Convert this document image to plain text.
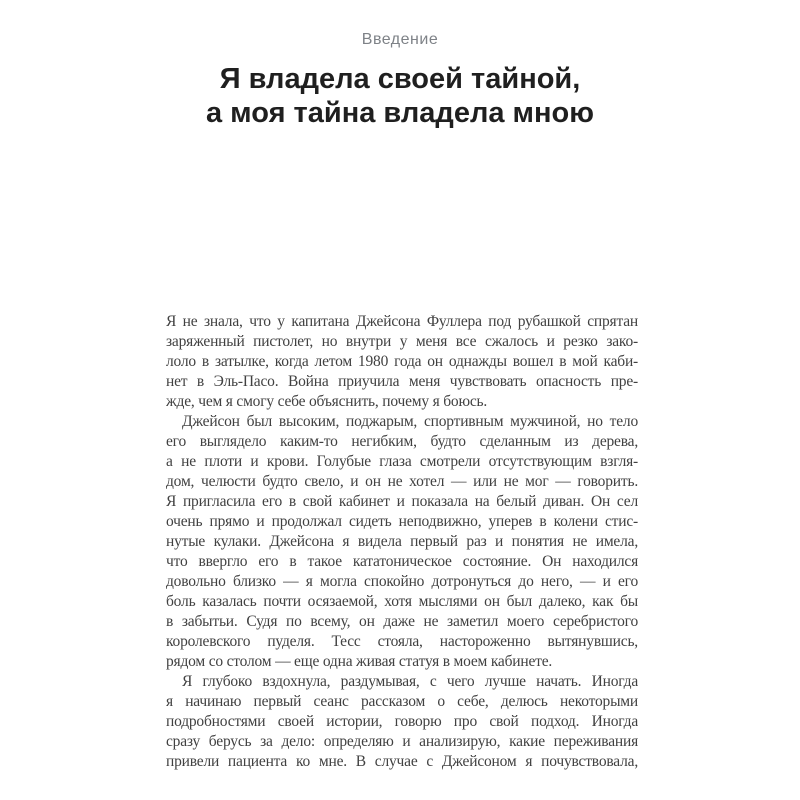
Введение
Я владела своей тайной,
а моя тайна владела мною
Я не знала, что у капитана Джейсона Фуллера под рубашкой спрятан
заряженный пистолет, но внутри у меня все сжалось и резко зако-
лоло в затылке, когда летом 1980 года он однажды вошел в мой каби-
нет в Эль-Пасо. Война приучила меня чувствовать опасность пре-
жде, чем я смогу себе объяснить, почему я боюсь.
Джейсон был высоким, поджарым, спортивным мужчиной, но тело
его выглядело каким-то негибким, будто сделанным из дерева,
а не плоти и крови. Голубые глаза смотрели отсутствующим взгля-
дом, челюсти будто свело, и он не хотел — или не мог — говорить.
Я пригласила его в свой кабинет и показала на белый диван. Он сел
очень прямо и продолжал сидеть неподвижно, уперев в колени стис-
нутые кулаки. Джейсона я видела первый раз и понятия не имела,
что ввергло его в такое кататоническое состояние. Он находился
довольно близко — я могла спокойно дотронуться до него, — и его
боль казалась почти осязаемой, хотя мыслями он был далеко, как бы
в забытьи. Судя по всему, он даже не заметил моего серебристого
королевского пуделя. Тесс стояла, настороженно вытянувшись,
рядом со столом — еще одна живая статуя в моем кабинете.
Я глубоко вздохнула, раздумывая, с чего лучше начать. Иногда
я начинаю первый сеанс рассказом о себе, делюсь некоторыми
подробностями своей истории, говорю про свой подход. Иногда
сразу берусь за дело: определяю и анализирую, какие переживания
привели пациента ко мне. В случае с Джейсоном я почувствовала,
